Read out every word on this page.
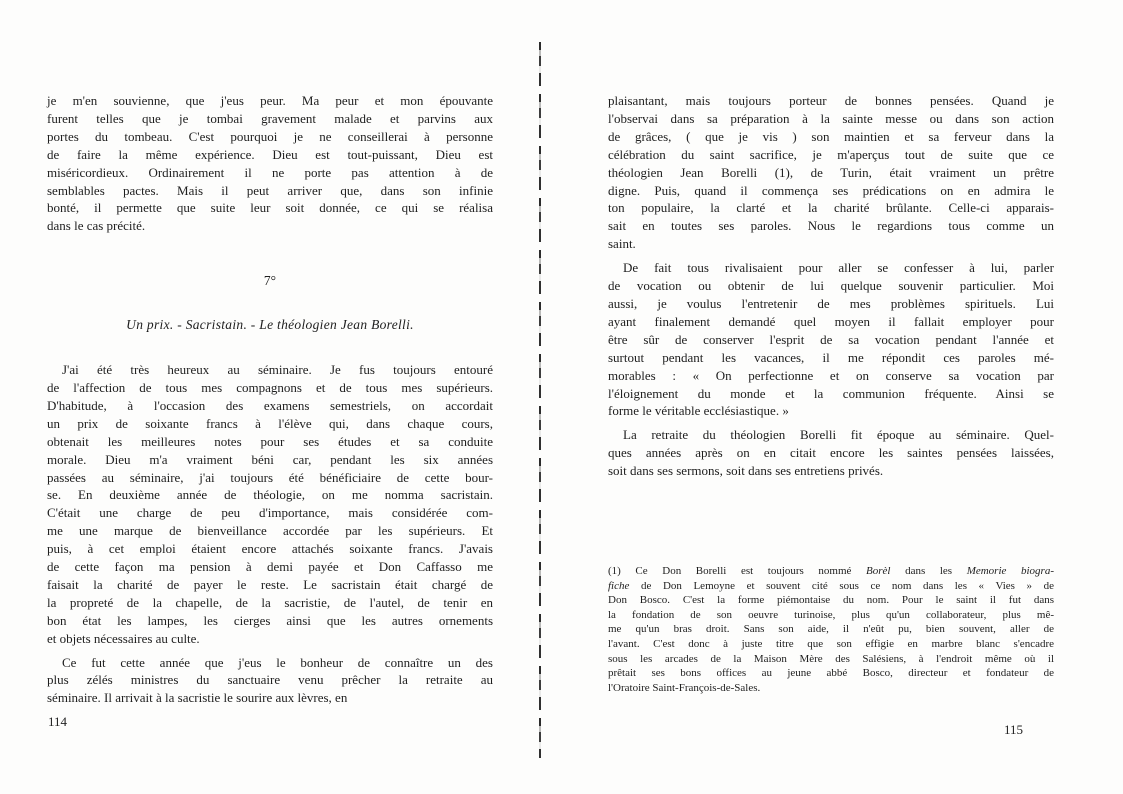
je m'en souvienne, que j'eus peur. Ma peur et mon épouvante
furent telles que je tombai gravement malade et parvins aux
portes du tombeau. C'est pourquoi je ne conseillerai à personne
de faire la même expérience. Dieu est tout-puissant, Dieu est
miséricordieux. Ordinairement il ne porte pas attention à de
semblables pactes. Mais il peut arriver que, dans son infinie
bonté, il permette que suite leur soit donnée, ce qui se réalisa
dans le cas précité.
7°
Un prix. - Sacristain. - Le théologien Jean Borelli.
J'ai été très heureux au séminaire. Je fus toujours entouré
de l'affection de tous mes compagnons et de tous mes supérieurs.
D'habitude, à l'occasion des examens semestriels, on accordait
un prix de soixante francs à l'élève qui, dans chaque cours,
obtenait les meilleures notes pour ses études et sa conduite
morale. Dieu m'a vraiment béni car, pendant les six années
passées au séminaire, j'ai toujours été bénéficiaire de cette bour-
se. En deuxième année de théologie, on me nomma sacristain.
C'était une charge de peu d'importance, mais considérée com-
me une marque de bienveillance accordée par les supérieurs. Et
puis, à cet emploi étaient encore attachés soixante francs. J'avais
de cette façon ma pension à demi payée et Don Caffasso me
faisait la charité de payer le reste. Le sacristain était chargé de
la propreté de la chapelle, de la sacristie, de l'autel, de tenir en
bon état les lampes, les cierges ainsi que les autres ornements
et objets nécessaires au culte.
Ce fut cette année que j'eus le bonheur de connaître un des
plus zélés ministres du sanctuaire venu prêcher la retraite au
séminaire. Il arrivait à la sacristie le sourire aux lèvres, en
plaisantant, mais toujours porteur de bonnes pensées. Quand je
l'observai dans sa préparation à la sainte messe ou dans son action
de grâces, ( que je vis ) son maintien et sa ferveur dans la
célébration du saint sacrifice, je m'aperçus tout de suite que ce
théologien Jean Borelli (1), de Turin, était vraiment un prêtre
digne. Puis, quand il commença ses prédications on en admira le
ton populaire, la clarté et la charité brûlante. Celle-ci apparais-
sait en toutes ses paroles. Nous le regardions tous comme un
saint.
De fait tous rivalisaient pour aller se confesser à lui, parler
de vocation ou obtenir de lui quelque souvenir particulier. Moi
aussi, je voulus l'entretenir de mes problèmes spirituels. Lui
ayant finalement demandé quel moyen il fallait employer pour
être sûr de conserver l'esprit de sa vocation pendant l'année et
surtout pendant les vacances, il me répondit ces paroles mé-
morables : « On perfectionne et on conserve sa vocation par
l'éloignement du monde et la communion fréquente. Ainsi se
forme le véritable ecclésiastique. »
La retraite du théologien Borelli fit époque au séminaire. Quel-
ques années après on en citait encore les saintes pensées laissées,
soit dans ses sermons, soit dans ses entretiens privés.
(1) Ce Don Borelli est toujours nommé Borèl dans les Memorie biogra-
fiche de Don Lemoyne et souvent cité sous ce nom dans les « Vies » de
Don Bosco. C'est la forme piémontaise du nom. Pour le saint il fut dans
la fondation de son oeuvre turinoise, plus qu'un collaborateur, plus mê-
me qu'un bras droit. Sans son aide, il n'eût pu, bien souvent, aller de
l'avant. C'est donc à juste titre que son effigie en marbre blanc s'encadre
sous les arcades de la Maison Mère des Salésiens, à l'endroit même où il
prêtait ses bons offices au jeune abbé Bosco, directeur et fondateur de
l'Oratoire Saint-François-de-Sales.
114
115
